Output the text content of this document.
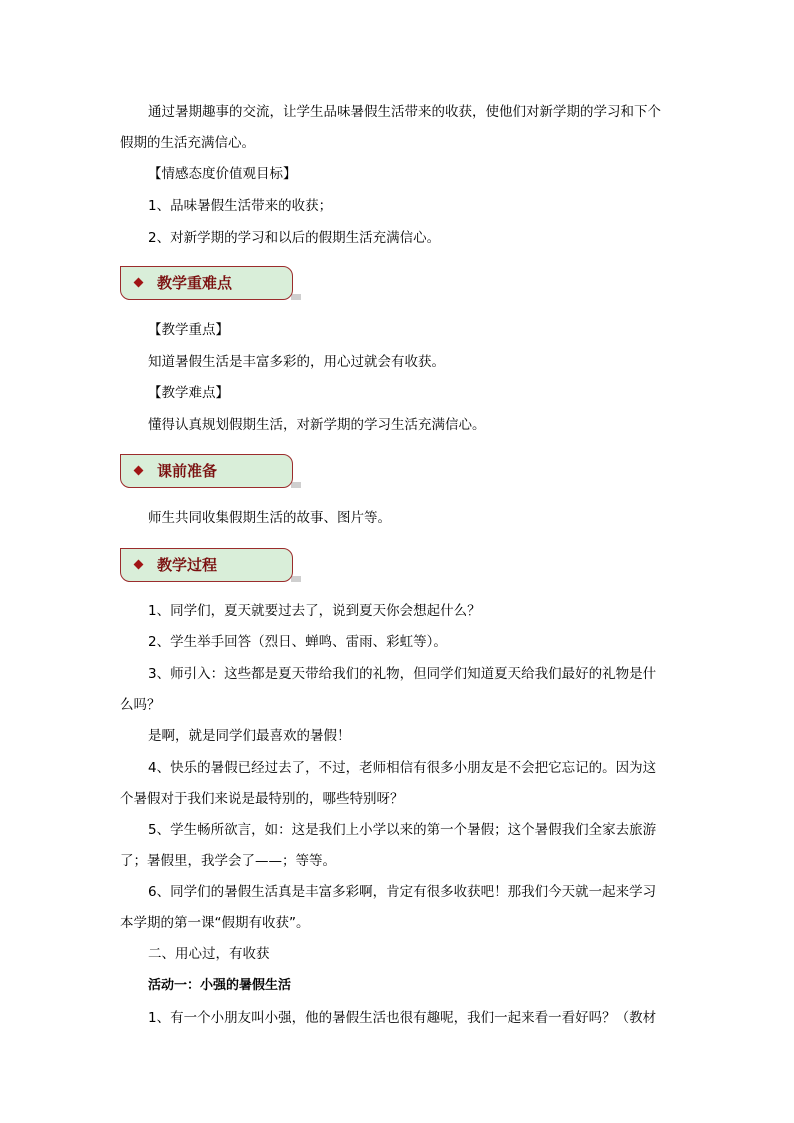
通过暑期趣事的交流，让学生品味暑假生活带来的收获，使他们对新学期的学习和下个
假期的生活充满信心。
【情感态度价值观目标】
1、品味暑假生活带来的收获；
2、对新学期的学习和以后的假期生活充满信心。
教学重难点
【教学重点】
知道暑假生活是丰富多彩的，用心过就会有收获。
【教学难点】
懂得认真规划假期生活，对新学期的学习生活充满信心。
课前准备
师生共同收集假期生活的故事、图片等。
教学过程
1、同学们，夏天就要过去了，说到夏天你会想起什么？
2、学生举手回答（烈日、蝉鸣、雷雨、彩虹等）。
3、师引入：这些都是夏天带给我们的礼物，但同学们知道夏天给我们最好的礼物是什
么吗？
是啊，就是同学们最喜欢的暑假！
4、快乐的暑假已经过去了，不过，老师相信有很多小朋友是不会把它忘记的。因为这
个暑假对于我们来说是最特别的，哪些特别呀？
5、学生畅所欲言，如：这是我们上小学以来的第一个暑假；这个暑假我们全家去旅游
了；暑假里，我学会了——；等等。
6、同学们的暑假生活真是丰富多彩啊，肯定有很多收获吧！那我们今天就一起来学习
本学期的第一课“假期有收获”。
二、用心过，有收获
活动一：小强的暑假生活
1、有一个小朋友叫小强，他的暑假生活也很有趣呢，我们一起来看一看好吗？（教材
